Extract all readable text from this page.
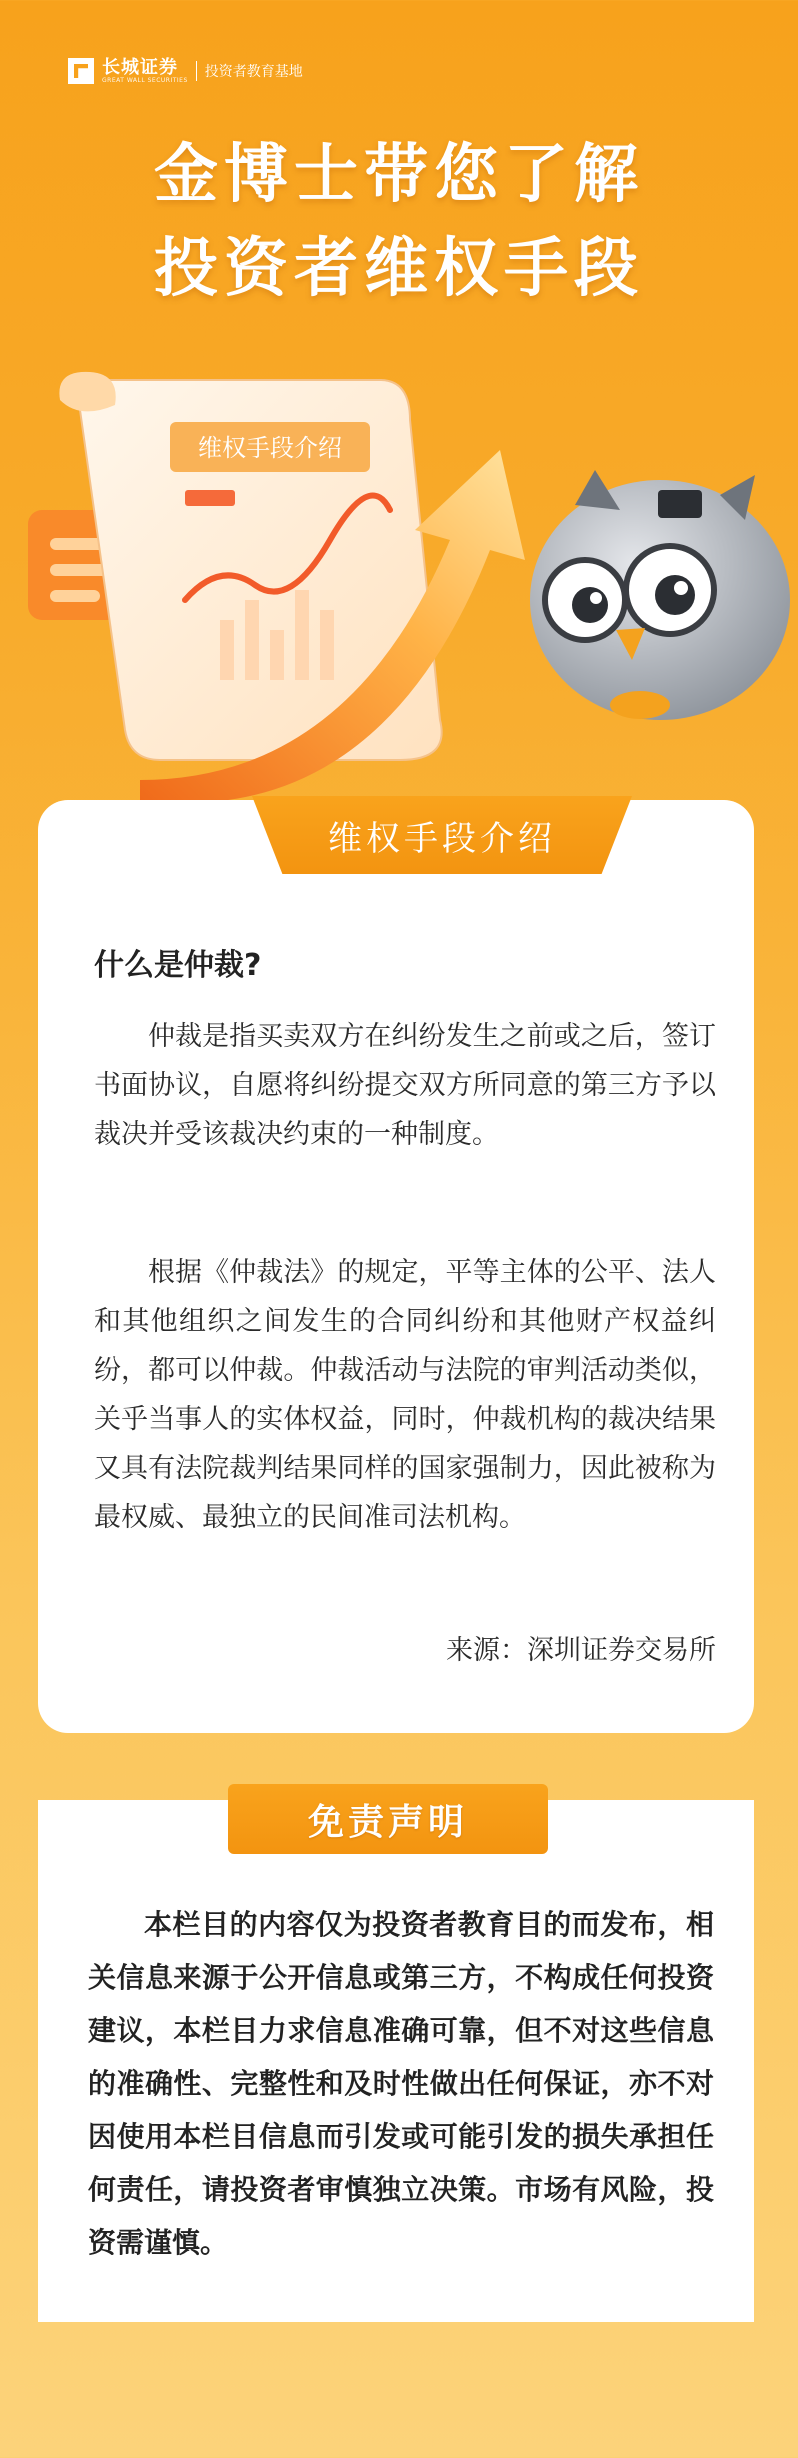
长城证券
GREAT WALL SECURITIES
投资者教育基地
金博士带您了解
投资者维权手段
维权手段介绍
维权手段介绍
什么是仲裁?

仲裁是指买卖双方在纠纷发生之前或之后，签订书面协议，自愿将纠纷提交双方所同意的第三方予以裁决并受该裁决约束的一种制度。

根据《仲裁法》的规定，平等主体的公平、法人和其他组织之间发生的合同纠纷和其他财产权益纠纷，都可以仲裁。仲裁活动与法院的审判活动类似，关乎当事人的实体权益，同时，仲裁机构的裁决结果又具有法院裁判结果同样的国家强制力，因此被称为最权威、最独立的民间准司法机构。

来源：深圳证券交易所
免责声明

本栏目的内容仅为投资者教育目的而发布，相关信息来源于公开信息或第三方，不构成任何投资建议，本栏目力求信息准确可靠，但不对这些信息的准确性、完整性和及时性做出任何保证，亦不对因使用本栏目信息而引发或可能引发的损失承担任何责任，请投资者审慎独立决策。市场有风险，投资需谨慎。
